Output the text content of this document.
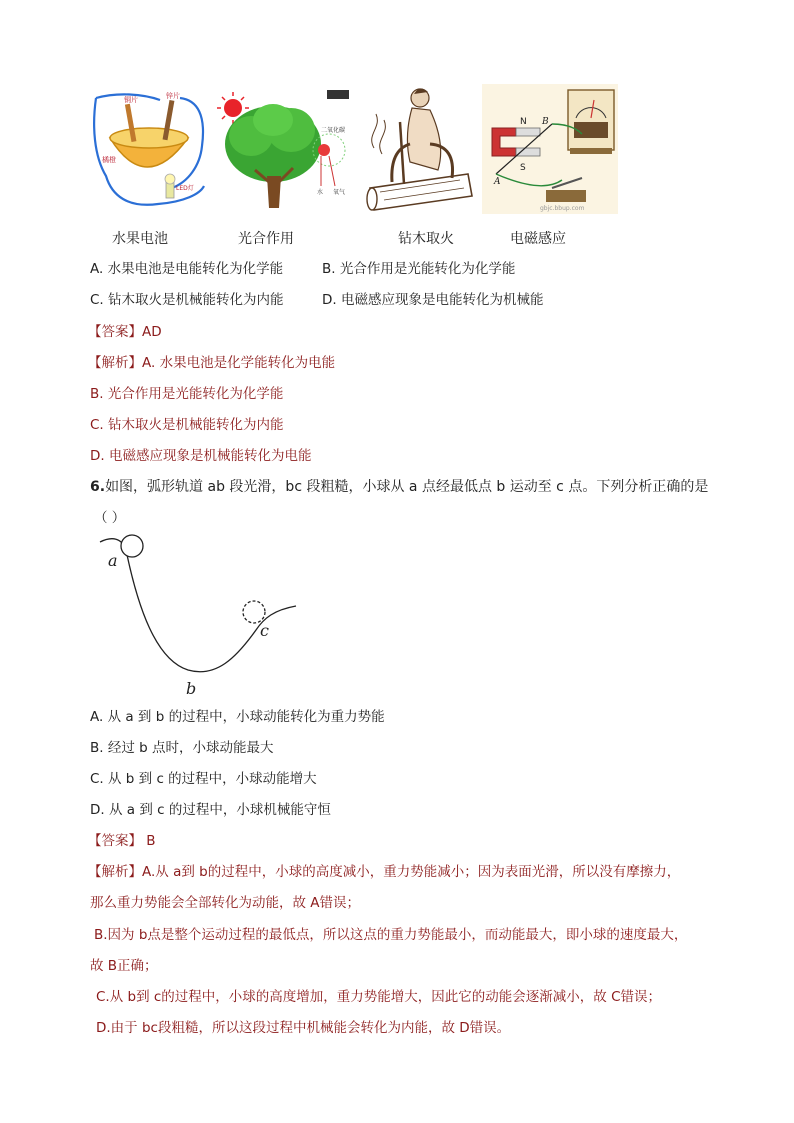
铜片	锌片
橘橙
LED灯
二氧化碳
水 氧气
N B
S
A
gbjc.bbup.com
水果电池	光合作用	钻木取火	电磁感应
A. 水果电池是电能转化为化学能	B. 光合作用是光能转化为化学能
C. 钻木取火是机械能转化为内能	D. 电磁感应现象是电能转化为机械能
【答案】AD
【解析】A. 水果电池是化学能转化为电能
B. 光合作用是光能转化为化学能
C. 钻木取火是机械能转化为内能
D. 电磁感应现象是机械能转化为电能
6.如图，弧形轨道 ab 段光滑，bc 段粗糙，小球从 a 点经最低点 b 运动至 c 点。下列分析正确的是
（ ）
a
b
c
A. 从 a 到 b 的过程中，小球动能转化为重力势能
B. 经过 b 点时，小球动能最大
C. 从 b 到 c 的过程中，小球动能增大
D. 从 a 到 c 的过程中，小球机械能守恒
【答案】 B
【解析】A.从 a到 b的过程中，小球的高度减小，重力势能减小；因为表面光滑，所以没有摩擦力，
那么重力势能会全部转化为动能，故 A错误；
B.因为 b点是整个运动过程的最低点，所以这点的重力势能最小，而动能最大，即小球的速度最大，
故 B正确；
C.从 b到 c的过程中，小球的高度增加，重力势能增大，因此它的动能会逐渐减小，故 C错误；
D.由于 bc段粗糙，所以这段过程中机械能会转化为内能，故 D错误。
